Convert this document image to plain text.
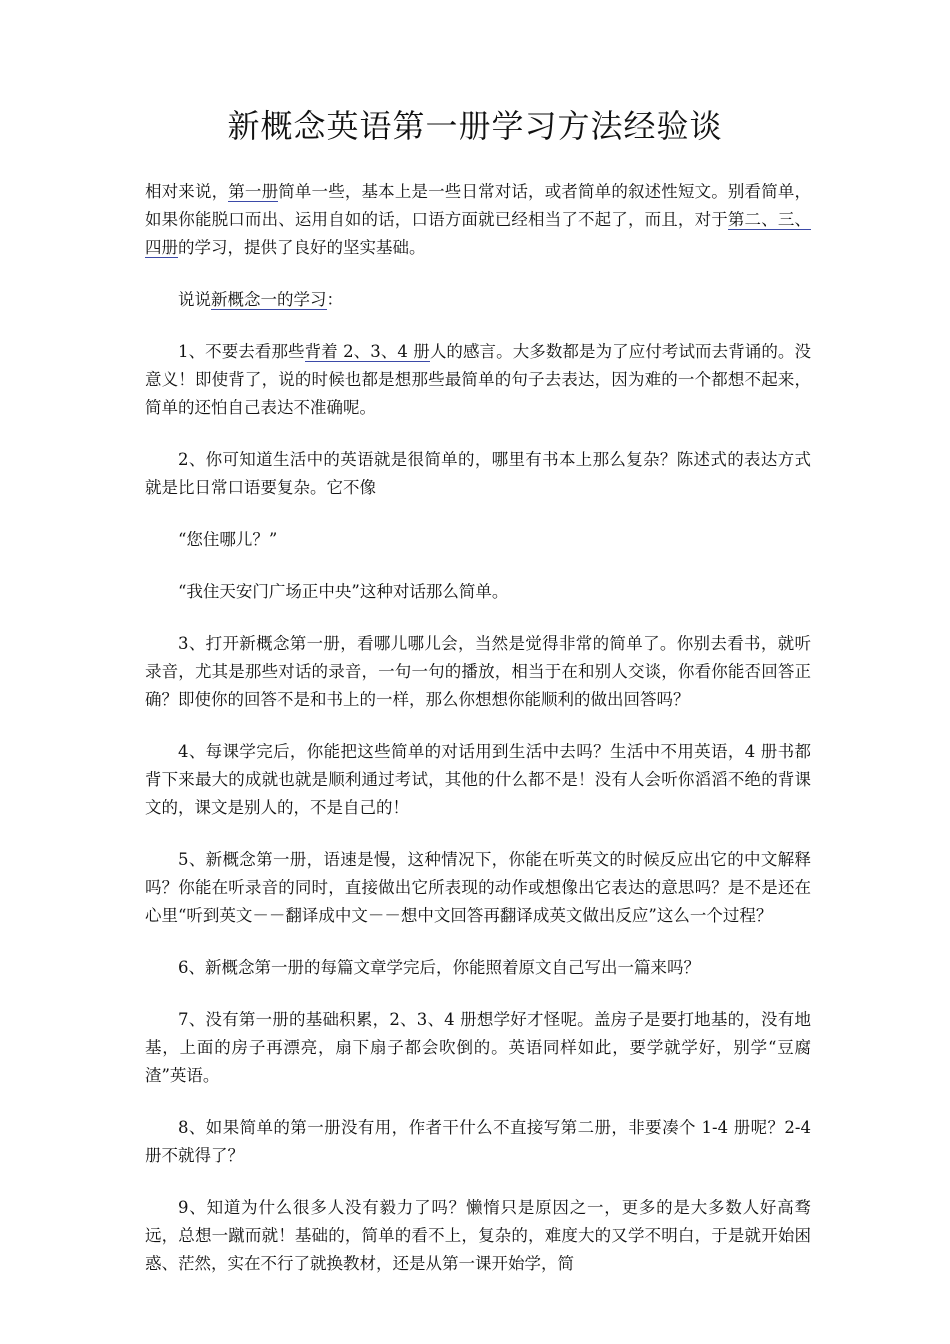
新概念英语第一册学习方法经验谈

相对来说，第一册简单一些，基本上是一些日常对话，或者简单的叙述性短文。别看简单，如果你能脱口而出、运用自如的话，口语方面就已经相当了不起了，而且，对于第二、三、四册的学习，提供了良好的坚实基础。

说说新概念一的学习：

1、不要去看那些背着 2、3、4 册人的感言。大多数都是为了应付考试而去背诵的。没意义！即使背了，说的时候也都是想那些最简单的句子去表达，因为难的一个都想不起来，简单的还怕自己表达不准确呢。

2、你可知道生活中的英语就是很简单的，哪里有书本上那么复杂？陈述式的表达方式就是比日常口语要复杂。它不像

“您住哪儿？”

“我住天安门广场正中央”这种对话那么简单。

3、打开新概念第一册，看哪儿哪儿会，当然是觉得非常的简单了。你别去看书，就听录音，尤其是那些对话的录音，一句一句的播放，相当于在和别人交谈，你看你能否回答正确？即使你的回答不是和书上的一样，那么你想想你能顺利的做出回答吗？

4、每课学完后，你能把这些简单的对话用到生活中去吗？生活中不用英语，4 册书都背下来最大的成就也就是顺利通过考试，其他的什么都不是！没有人会听你滔滔不绝的背课文的，课文是别人的，不是自己的！

5、新概念第一册，语速是慢，这种情况下，你能在听英文的时候反应出它的中文解释吗？你能在听录音的同时，直接做出它所表现的动作或想像出它表达的意思吗？是不是还在心里“听到英文－－翻译成中文－－想中文回答再翻译成英文做出反应”这么一个过程？

6、新概念第一册的每篇文章学完后，你能照着原文自己写出一篇来吗？

7、没有第一册的基础积累，2、3、4 册想学好才怪呢。盖房子是要打地基的，没有地基，上面的房子再漂亮，扇下扇子都会吹倒的。英语同样如此，要学就学好，别学“豆腐渣”英语。

8、如果简单的第一册没有用，作者干什么不直接写第二册，非要凑个 1-4 册呢？2-4 册不就得了？

9、知道为什么很多人没有毅力了吗？懒惰只是原因之一，更多的是大多数人好高骛远，总想一蹴而就！基础的，简单的看不上，复杂的，难度大的又学不明白，于是就开始困惑、茫然，实在不行了就换教材，还是从第一课开始学，简
